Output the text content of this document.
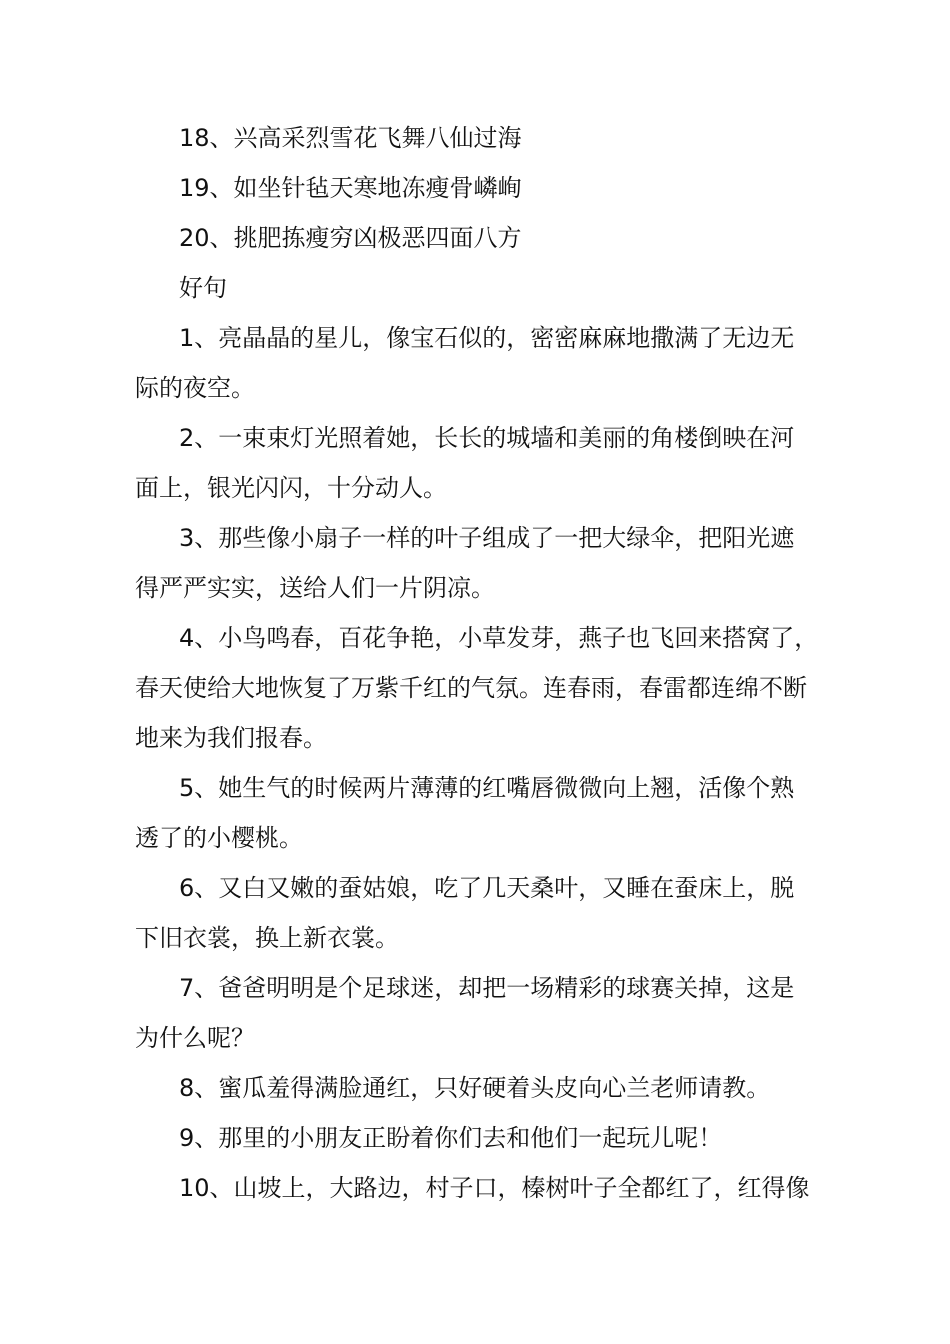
18、兴高采烈雪花飞舞八仙过海
19、如坐针毡天寒地冻瘦骨嶙峋
20、挑肥拣瘦穷凶极恶四面八方
好句
1、亮晶晶的星儿，像宝石似的，密密麻麻地撒满了无边无
际的夜空。
2、一束束灯光照着她，长长的城墙和美丽的角楼倒映在河
面上，银光闪闪，十分动人。
3、那些像小扇子一样的叶子组成了一把大绿伞，把阳光遮
得严严实实，送给人们一片阴凉。
4、小鸟鸣春，百花争艳，小草发芽，燕子也飞回来搭窝了，
春天使给大地恢复了万紫千红的气氛。连春雨，春雷都连绵不断
地来为我们报春。
5、她生气的时候两片薄薄的红嘴唇微微向上翘，活像个熟
透了的小樱桃。
6、又白又嫩的蚕姑娘，吃了几天桑叶，又睡在蚕床上，脱
下旧衣裳，换上新衣裳。
7、爸爸明明是个足球迷，却把一场精彩的球赛关掉，这是
为什么呢？
8、蜜瓜羞得满脸通红，只好硬着头皮向心兰老师请教。
9、那里的小朋友正盼着你们去和他们一起玩儿呢！
10、山坡上，大路边，村子口，榛树叶子全都红了，红得像
